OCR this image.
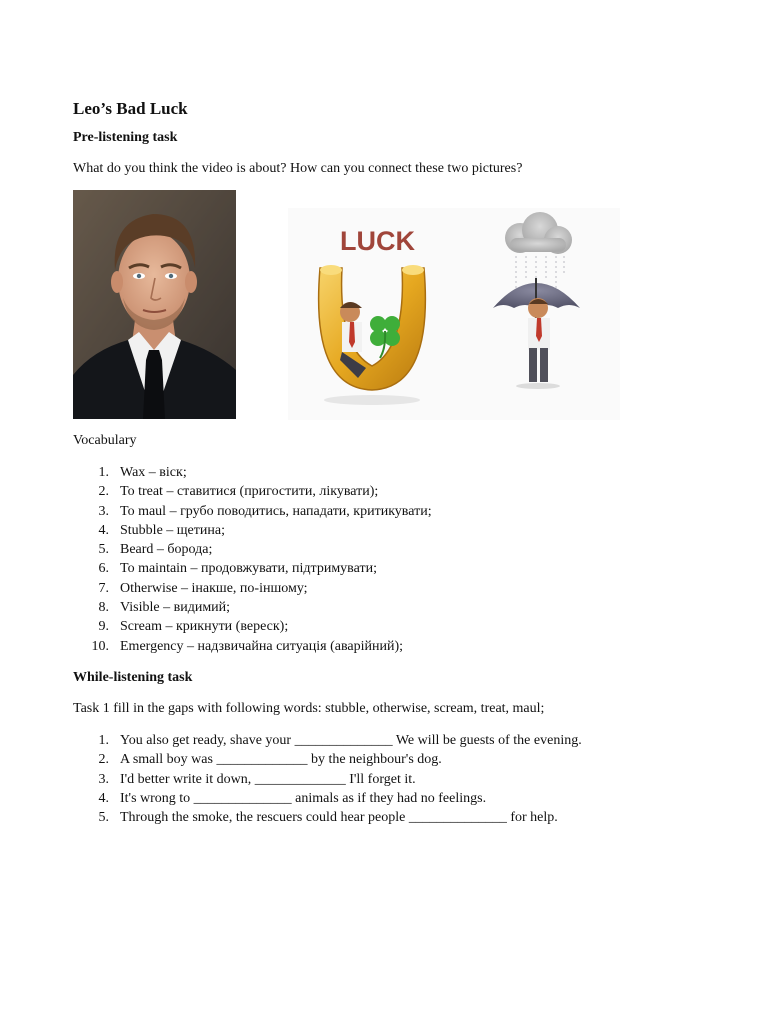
Leo’s Bad Luck

Pre-listening task

What do you think the video is about? How can you connect these two pictures?

LUCK

Vocabulary

1. Wax – віск;
2. To treat – ставитися (пригостити, лікувати);
3. To maul – грубо поводитись, нападати, критикувати;
4. Stubble – щетина;
5. Beard – борода;
6. To maintain – продовжувати, підтримувати;
7. Otherwise – інакше, по-іншому;
8. Visible – видимий;
9. Scream – крикнути (вереск);
10. Emergency – надзвичайна ситуація (аварійний);

While-listening task

Task 1 fill in the gaps with following words: stubble, otherwise, scream, treat, maul;

1. You also get ready, shave your ______________ We will be guests of the evening.
2. A small boy was _____________ by the neighbour's dog.
3. I'd better write it down, _____________ I'll forget it.
4. It's wrong to ______________ animals as if they had no feelings.
5. Through the smoke, the rescuers could hear people ______________ for help.
